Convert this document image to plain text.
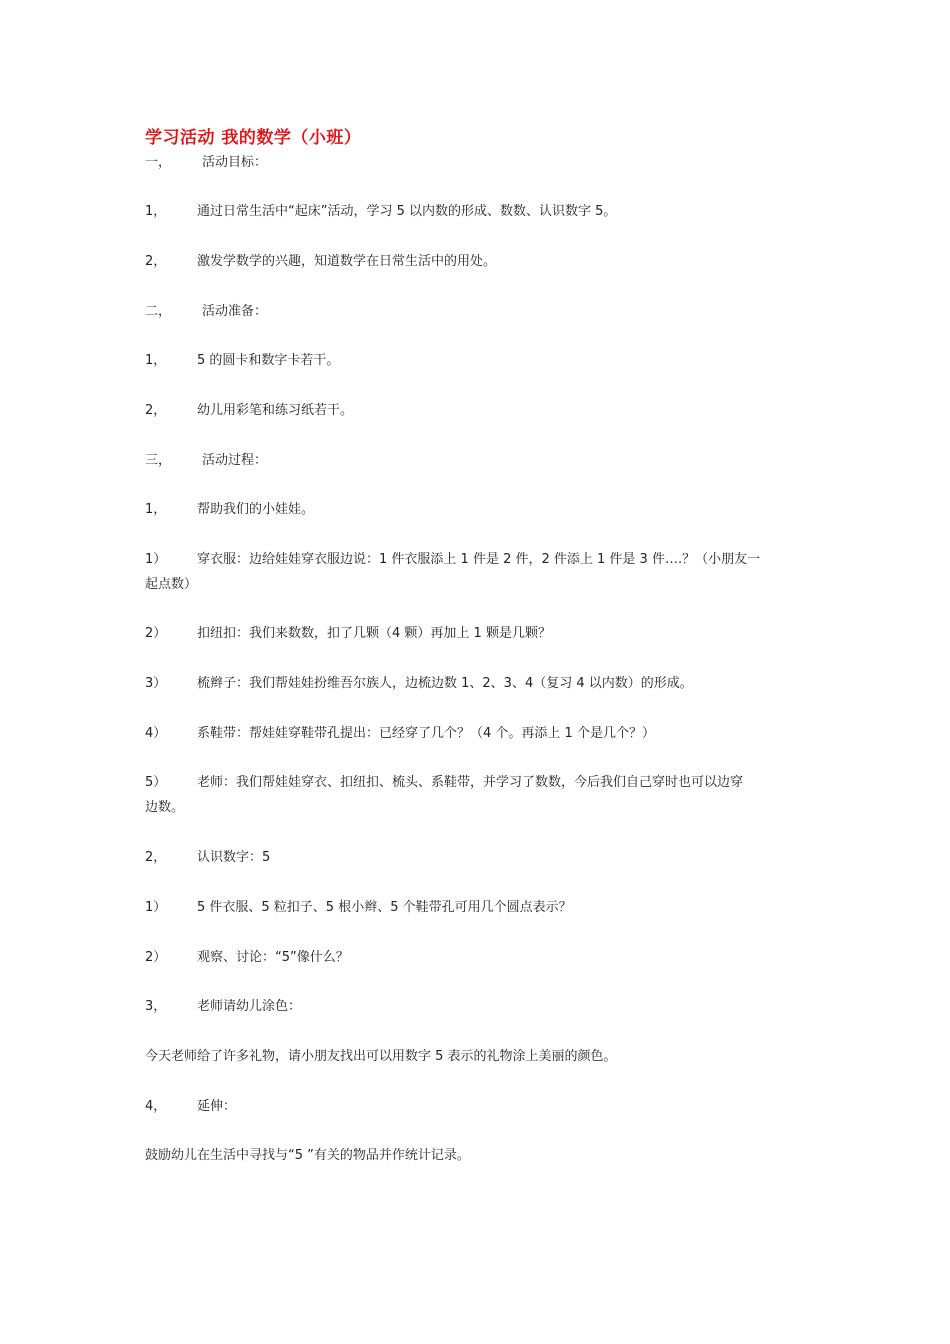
学习活动 我的数学（小班）
一， 活动目标：
1， 通过日常生活中“起床”活动，学习 5 以内数的形成、数数、认识数字 5。
2， 激发学数学的兴趣，知道数学在日常生活中的用处。
二， 活动准备：
1， 5 的圆卡和数字卡若干。
2， 幼儿用彩笔和练习纸若干。
三， 活动过程：
1， 帮助我们的小娃娃。
1） 穿衣服：边给娃娃穿衣服边说：1 件衣服添上 1 件是 2 件，2 件添上 1 件是 3 件….？（小朋友一
起点数）
2） 扣纽扣：我们来数数，扣了几颗（4 颗）再加上 1 颗是几颗？
3） 梳辫子：我们帮娃娃扮维吾尔族人，边梳边数 1、2、3、4（复习 4 以内数）的形成。
4） 系鞋带：帮娃娃穿鞋带孔提出：已经穿了几个？（4 个。再添上 1 个是几个？）
5） 老师：我们帮娃娃穿衣、扣纽扣、梳头、系鞋带，并学习了数数，今后我们自己穿时也可以边穿
边数。
2， 认识数字：5
1） 5 件衣服、5 粒扣子、5 根小辫、5 个鞋带孔可用几个圆点表示？
2） 观察、讨论：“5”像什么？
3， 老师请幼儿涂色：
今天老师给了许多礼物，请小朋友找出可以用数字 5 表示的礼物涂上美丽的颜色。
4， 延伸：
鼓励幼儿在生活中寻找与“5 ”有关的物品并作统计记录。
